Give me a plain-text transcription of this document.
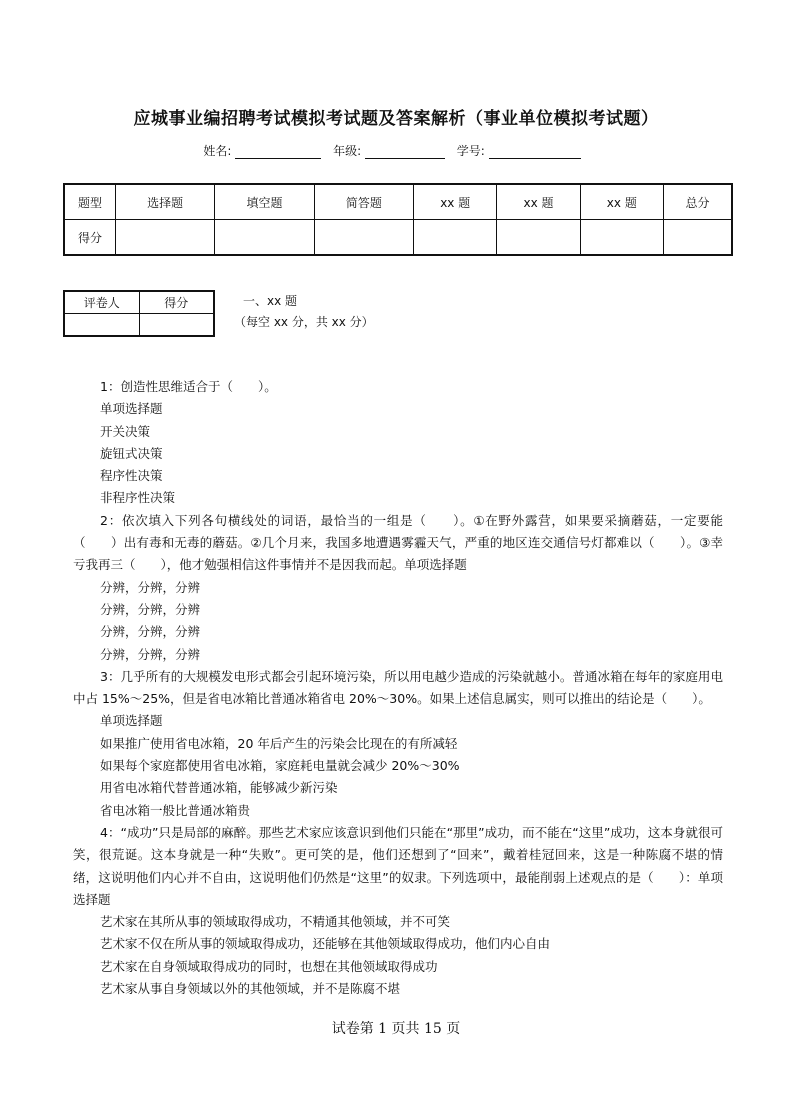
应城事业编招聘考试模拟考试题及答案解析（事业单位模拟考试题）
姓名:	年级:	学号:
题型	选择题	填空题	简答题	xx 题	xx 题	xx 题	总分
得分							
评卷人	得分
		一、xx 题
（每空 xx 分，共 xx 分）
1：创造性思维适合于（　　）。
单项选择题
开关决策
旋钮式决策
程序性决策
非程序性决策
2：依次填入下列各句横线处的词语，最恰当的一组是（　　）。①在野外露营，如果要采摘蘑菇，一定要能（　　）出有毒和无毒的蘑菇。②几个月来，我国多地遭遇雾霾天气，严重的地区连交通信号灯都难以（　　）。③幸亏我再三（　　），他才勉强相信这件事情并不是因我而起。单项选择题
分辨，分辨，分辨
分辨，分辨，分辨
分辨，分辨，分辨
分辨，分辨，分辨
3：几乎所有的大规模发电形式都会引起环境污染，所以用电越少造成的污染就越小。普通冰箱在每年的家庭用电中占 15%～25%，但是省电冰箱比普通冰箱省电 20%～30%。如果上述信息属实，则可以推出的结论是（　　）。
单项选择题
如果推广使用省电冰箱，20 年后产生的污染会比现在的有所减轻
如果每个家庭都使用省电冰箱，家庭耗电量就会减少 20%～30%
用省电冰箱代替普通冰箱，能够减少新污染
省电冰箱一般比普通冰箱贵
4：“成功”只是局部的麻醉。那些艺术家应该意识到他们只能在“那里”成功，而不能在“这里”成功，这本身就很可笑，很荒诞。这本身就是一种“失败”。更可笑的是，他们还想到了“回来”，戴着桂冠回来，这是一种陈腐不堪的情绪，这说明他们内心并不自由，这说明他们仍然是“这里”的奴隶。下列选项中，最能削弱上述观点的是（　　）：单项选择题
艺术家在其所从事的领域取得成功，不精通其他领域，并不可笑
艺术家不仅在所从事的领域取得成功，还能够在其他领域取得成功，他们内心自由
艺术家在自身领域取得成功的同时，也想在其他领域取得成功
艺术家从事自身领域以外的其他领域，并不是陈腐不堪
试卷第 1 页共 15 页
